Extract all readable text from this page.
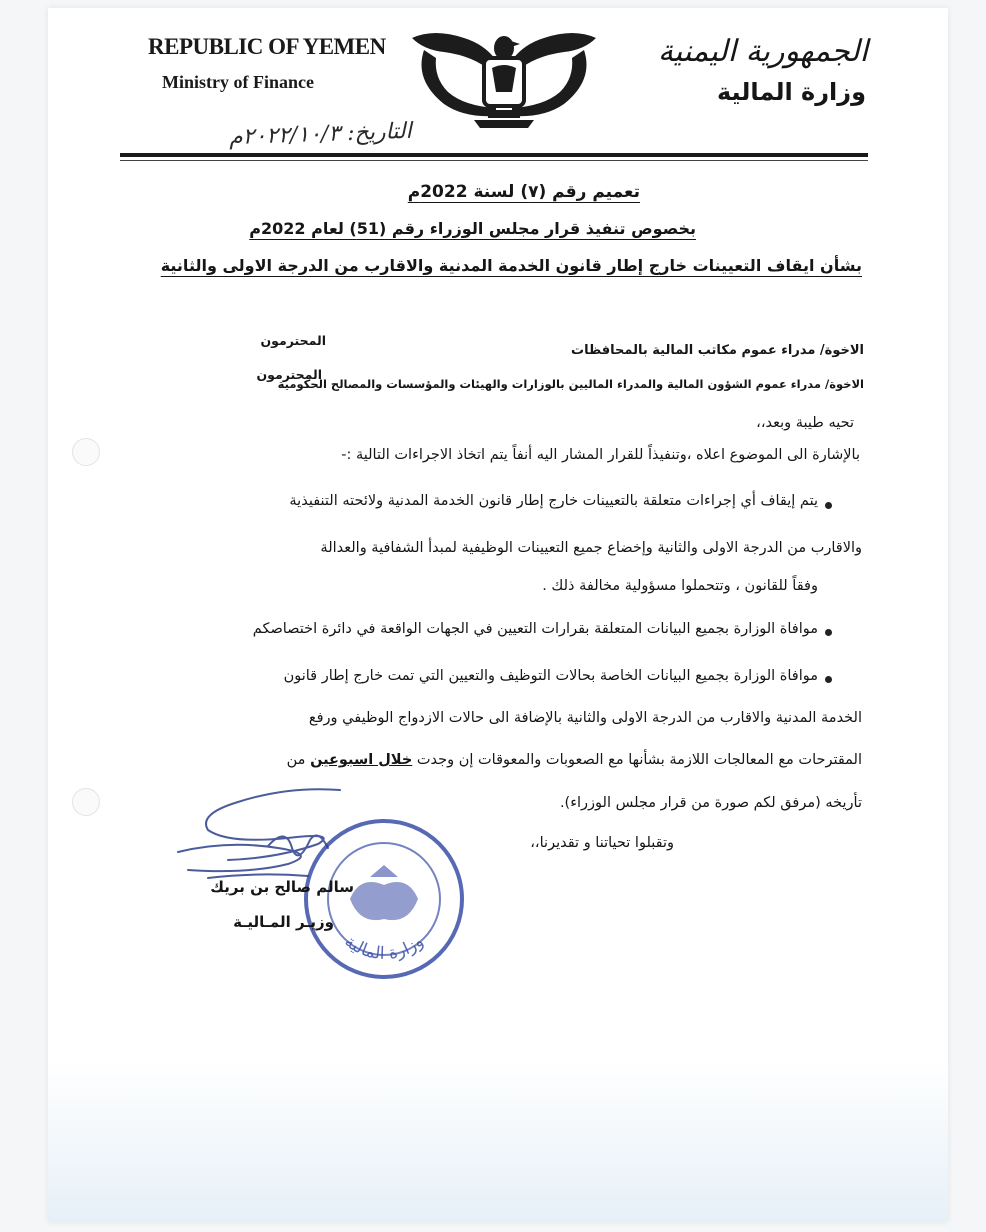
REPUBLIC OF YEMEN
Ministry of Finance
الجمهورية اليمنية
وزارة المالية
التاريخ: ٢٠٢٢/١٠/٣م
تعميم رقم (٧) لسنة 2022م
بخصوص تنفيذ قرار مجلس الوزراء رقم (51) لعام 2022م
بشأن ايقاف التعيينات خارج إطار قانون الخدمة المدنية والاقارب من الدرجة الاولى والثانية
الاخوة/ مدراء عموم مكاتب المالية بالمحافظات
المحترمون
الاخوة/ مدراء عموم الشؤون المالية والمدراء الماليين بالوزارات والهيئات والمؤسسات والمصالح الحكومية
المحترمون
تحيه طيبة وبعد،،
بالإشارة الى الموضوع اعلاه ،وتنفيذاً للقرار المشار اليه أنفاً يتم اتخاذ الاجراءات التالية :-
يتم إيقاف أي إجراءات متعلقة بالتعيينات خارج إطار قانون الخدمة المدنية ولائحته التنفيذية
والاقارب من الدرجة الاولى والثانية وإخضاع جميع التعيينات الوظيفية لمبدأ الشفافية والعدالة
وفقاً للقانون ، وتتحملوا مسؤولية مخالفة ذلك .
موافاة الوزارة بجميع البيانات المتعلقة بقرارات التعيين في الجهات الواقعة في دائرة اختصاصكم
موافاة الوزارة بجميع البيانات الخاصة بحالات التوظيف والتعيين التي تمت خارج إطار قانون
الخدمة المدنية والاقارب من الدرجة الاولى والثانية بالإضافة الى حالات الازدواج الوظيفي ورفع
المقترحات مع المعالجات اللازمة بشأنها مع الصعوبات والمعوقات إن وجدت خلال اسبوعين من
تأريخه (مرفق لكم صورة من قرار مجلس الوزراء).
وتقبلوا تحياتنا و تقديرنا،،
وزارة المالية
سالم صالح بن بريك
وزيـر المـاليـة
